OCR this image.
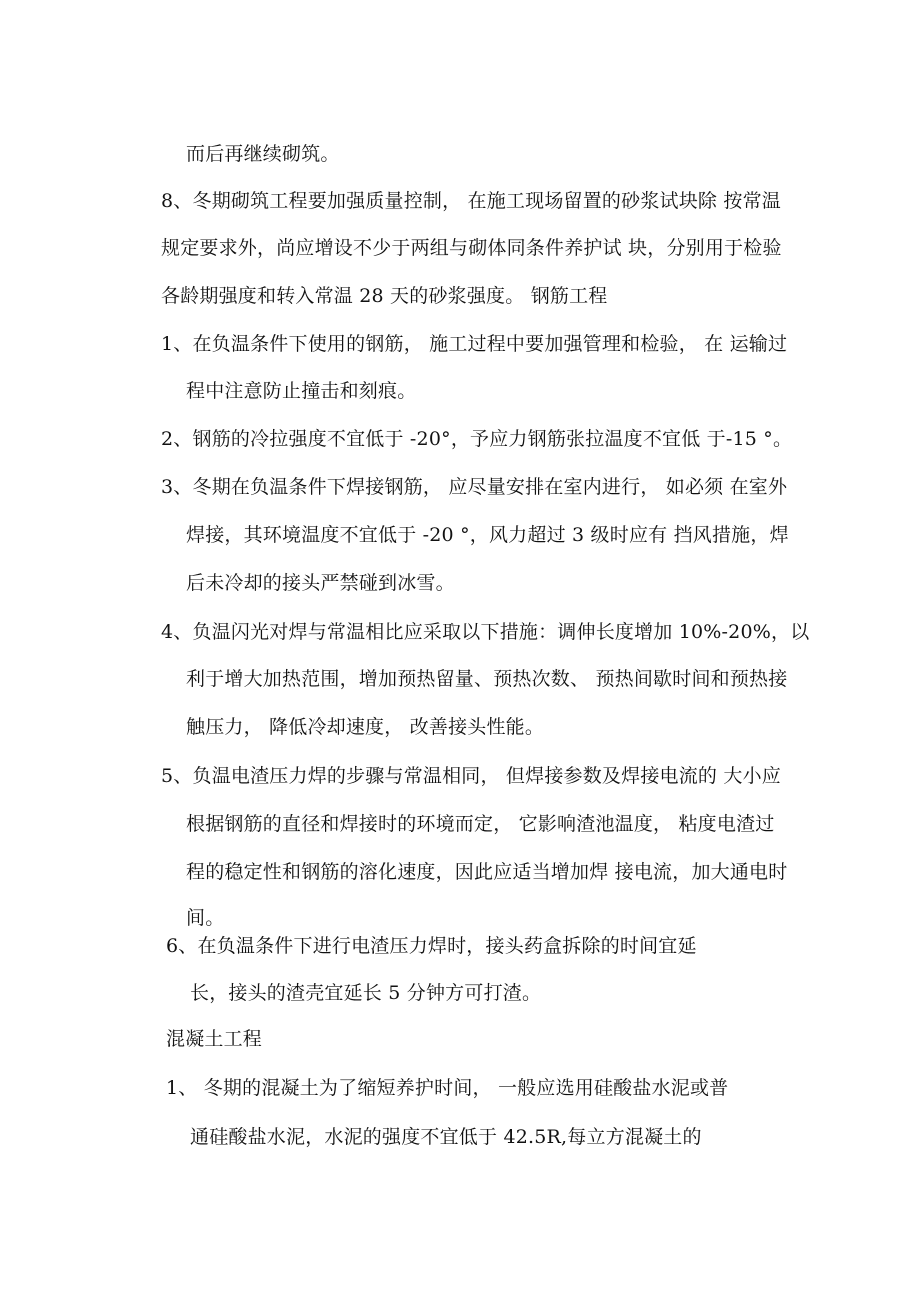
而后再继续砌筑。
8、冬期砌筑工程要加强质量控制， 在施工现场留置的砂浆试块除 按常温
规定要求外，尚应增设不少于两组与砌体同条件养护试 块，分别用于检验
各龄期强度和转入常温 28 天的砂浆强度。 钢筋工程
1、在负温条件下使用的钢筋， 施工过程中要加强管理和检验， 在 运输过
程中注意防止撞击和刻痕。
2、钢筋的冷拉强度不宜低于 -20°，予应力钢筋张拉温度不宜低 于-15 °。
3、冬期在负温条件下焊接钢筋， 应尽量安排在室内进行， 如必须 在室外
焊接，其环境温度不宜低于 -20 °，风力超过 3 级时应有 挡风措施，焊
后未冷却的接头严禁碰到冰雪。
4、负温闪光对焊与常温相比应采取以下措施：调伸长度增加 10%-20%，以
利于增大加热范围，增加预热留量、预热次数、 预热间歇时间和预热接
触压力， 降低冷却速度， 改善接头性能。
5、负温电渣压力焊的步骤与常温相同， 但焊接参数及焊接电流的 大小应
根据钢筋的直径和焊接时的环境而定， 它影响渣池温度， 粘度电渣过
程的稳定性和钢筋的溶化速度，因此应适当增加焊 接电流，加大通电时
间。
6、在负温条件下进行电渣压力焊时，接头药盒拆除的时间宜延
长，接头的渣壳宜延长 5 分钟方可打渣。
混凝土工程
1、 冬期的混凝土为了缩短养护时间， 一般应选用硅酸盐水泥或普
通硅酸盐水泥，水泥的强度不宜低于 42.5R,每立方混凝土的
